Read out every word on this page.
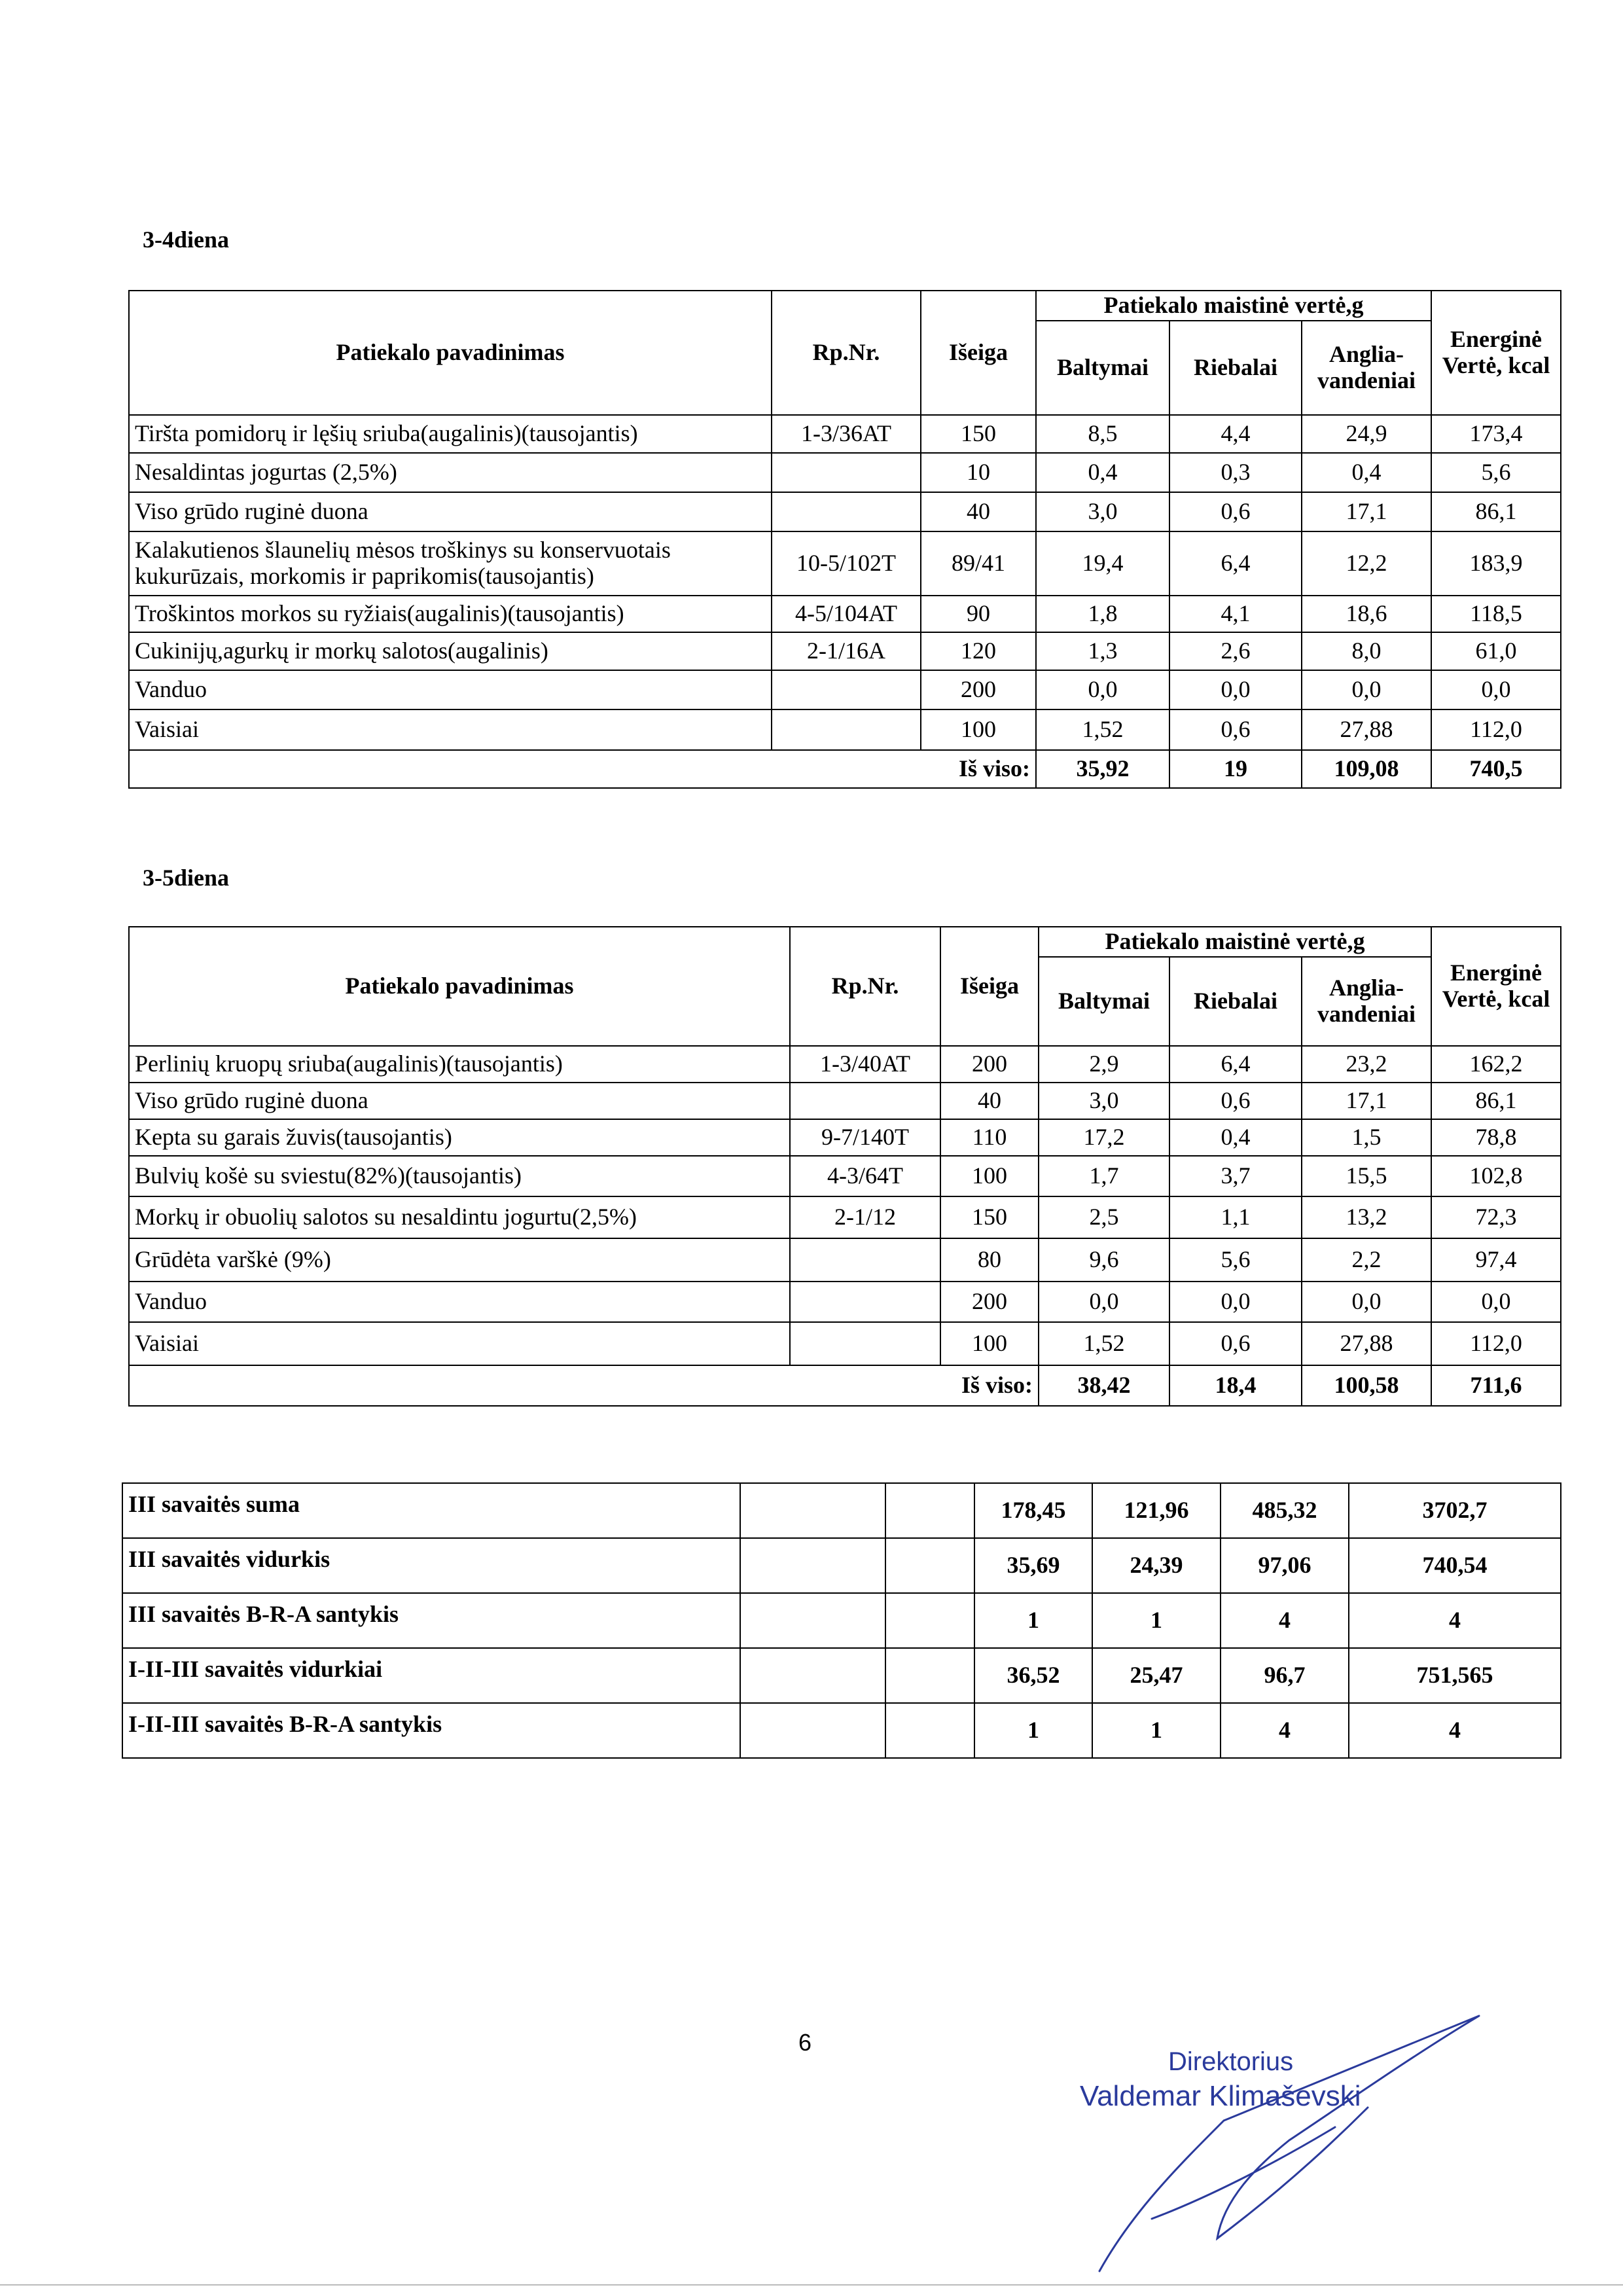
3-4diena
Patiekalo pavadinimas	Rp.Nr.	Išeiga	Patiekalo maistinė vertė,g			Energinė Vertė, kcal
			Baltymai	Riebalai	Anglia-vandeniai	
Tiršta pomidorų ir lęšių sriuba(augalinis)(tausojantis)	1-3/36AT	150	8,5	4,4	24,9	173,4
Nesaldintas jogurtas (2,5%)		10	0,4	0,3	0,4	5,6
Viso grūdo ruginė duona		40	3,0	0,6	17,1	86,1
Kalakutienos šlaunelių mėsos troškinys su konservuotais kukurūzais, morkomis ir paprikomis(tausojantis)	10-5/102T	89/41	19,4	6,4	12,2	183,9
Troškintos morkos su ryžiais(augalinis)(tausojantis)	4-5/104AT	90	1,8	4,1	18,6	118,5
Cukinijų,agurkų ir morkų salotos(augalinis)	2-1/16A	120	1,3	2,6	8,0	61,0
Vanduo		200	0,0	0,0	0,0	0,0
Vaisiai		100	1,52	0,6	27,88	112,0
Iš viso:			35,92	19	109,08	740,5
3-5diena
Patiekalo pavadinimas	Rp.Nr.	Išeiga	Patiekalo maistinė vertė,g			Energinė Vertė, kcal
			Baltymai	Riebalai	Anglia-vandeniai	
Perlinių kruopų sriuba(augalinis)(tausojantis)	1-3/40AT	200	2,9	6,4	23,2	162,2
Viso grūdo ruginė duona		40	3,0	0,6	17,1	86,1
Kepta su garais žuvis(tausojantis)	9-7/140T	110	17,2	0,4	1,5	78,8
Bulvių košė su sviestu(82%)(tausojantis)	4-3/64T	100	1,7	3,7	15,5	102,8
Morkų ir obuolių salotos su nesaldintu jogurtu(2,5%)	2-1/12	150	2,5	1,1	13,2	72,3
Grūdėta varškė (9%)		80	9,6	5,6	2,2	97,4
Vanduo		200	0,0	0,0	0,0	0,0
Vaisiai		100	1,52	0,6	27,88	112,0
Iš viso:			38,42	18,4	100,58	711,6
III savaitės suma			178,45	121,96	485,32	3702,7
III savaitės vidurkis			35,69	24,39	97,06	740,54
III savaitės B-R-A santykis			1	1	4	4
I-II-III savaitės vidurkiai			36,52	25,47	96,7	751,565
I-II-III savaitės B-R-A santykis			1	1	4	4
6
Direktorius
Valdemar Klimaševski
